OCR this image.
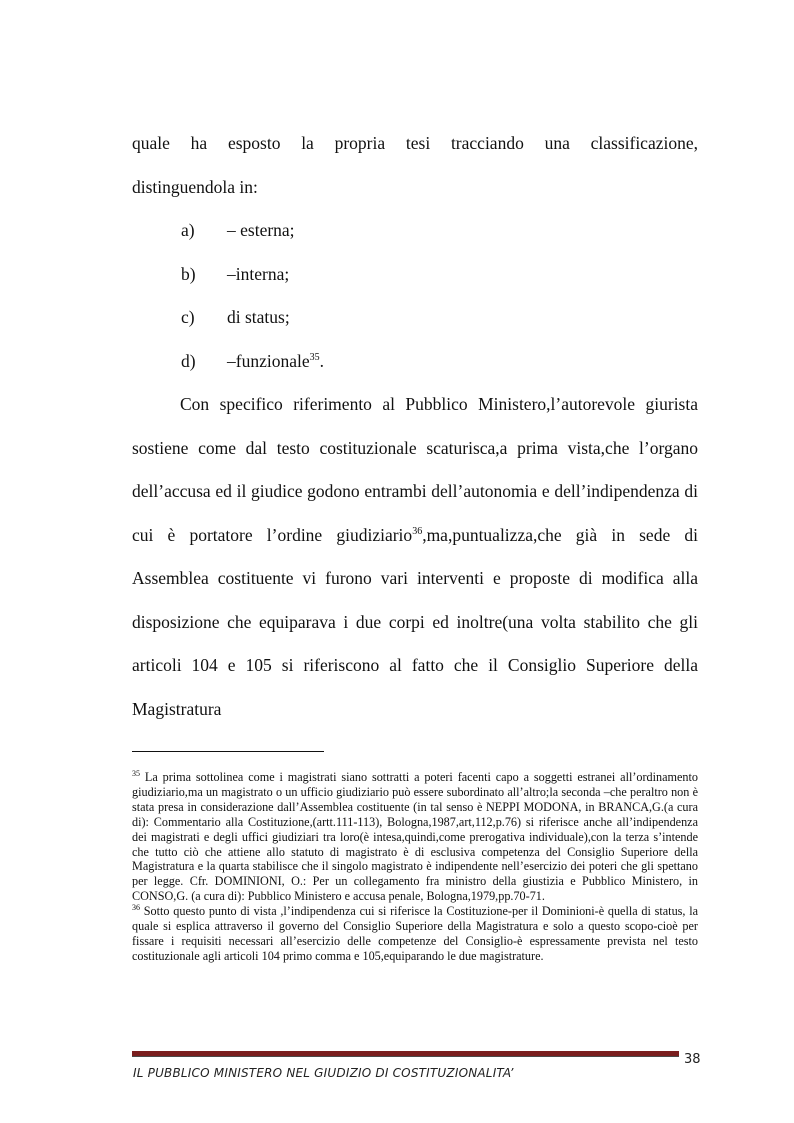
quale ha esposto la propria tesi tracciando una classificazione,

distinguendola in:

a)	– esterna;
b)	–interna;
c)	di status;
d)	–funzionale$^{35}$.

Con specifico riferimento al Pubblico Ministero,l’autorevole giurista sostiene come dal testo costituzionale scaturisca,a prima vista,che l’organo dell’accusa ed il giudice godono entrambi dell’autonomia e dell’indipendenza di cui è portatore l’ordine giudiziario$^{36}$,ma,puntualizza,che già in sede di Assemblea costituente vi furono vari interventi e proposte di modifica alla disposizione che equiparava i due corpi ed inoltre(una volta stabilito che gli articoli 104 e 105 si riferiscono al fatto che il Consiglio Superiore della Magistratura

$^{35}$ La prima sottolinea come i magistrati siano sottratti a poteri facenti capo a soggetti estranei all’ordinamento giudiziario,ma un magistrato o un ufficio giudiziario può essere subordinato all’altro;la seconda –che peraltro non è stata presa in considerazione dall’Assemblea costituente (in tal senso è NEPPI MODONA, in BRANCA,G.(a cura di): Commentario alla Costituzione,(artt.111-113), Bologna,1987,art,112,p.76) si riferisce anche all’indipendenza dei magistrati e degli uffici giudiziari tra loro(è intesa,quindi,come prerogativa individuale),con la terza s’intende che tutto ciò che attiene allo statuto di magistrato è di esclusiva competenza del Consiglio Superiore della Magistratura e la quarta stabilisce che il singolo magistrato è indipendente nell’esercizio dei poteri che gli spettano per legge. Cfr. DOMINIONI, O.: Per un collegamento fra ministro della giustizia e Pubblico Ministero, in CONSO,G. (a cura di): Pubblico Ministero e accusa penale, Bologna,1979,pp.70-71.

$^{36}$ Sotto questo punto di vista ,l’indipendenza cui si riferisce la Costituzione-per il Dominioni-è quella di status, la quale si esplica attraverso il governo del Consiglio Superiore della Magistratura e solo a questo scopo-cioè per fissare i requisiti necessari all’esercizio delle competenze del Consiglio-è espressamente prevista nel testo costituzionale agli articoli 104 primo comma e 105,equiparando le due magistrature.

IL PUBBLICO MINISTERO NEL GIUDIZIO DI COSTITUZIONALITA’
38
